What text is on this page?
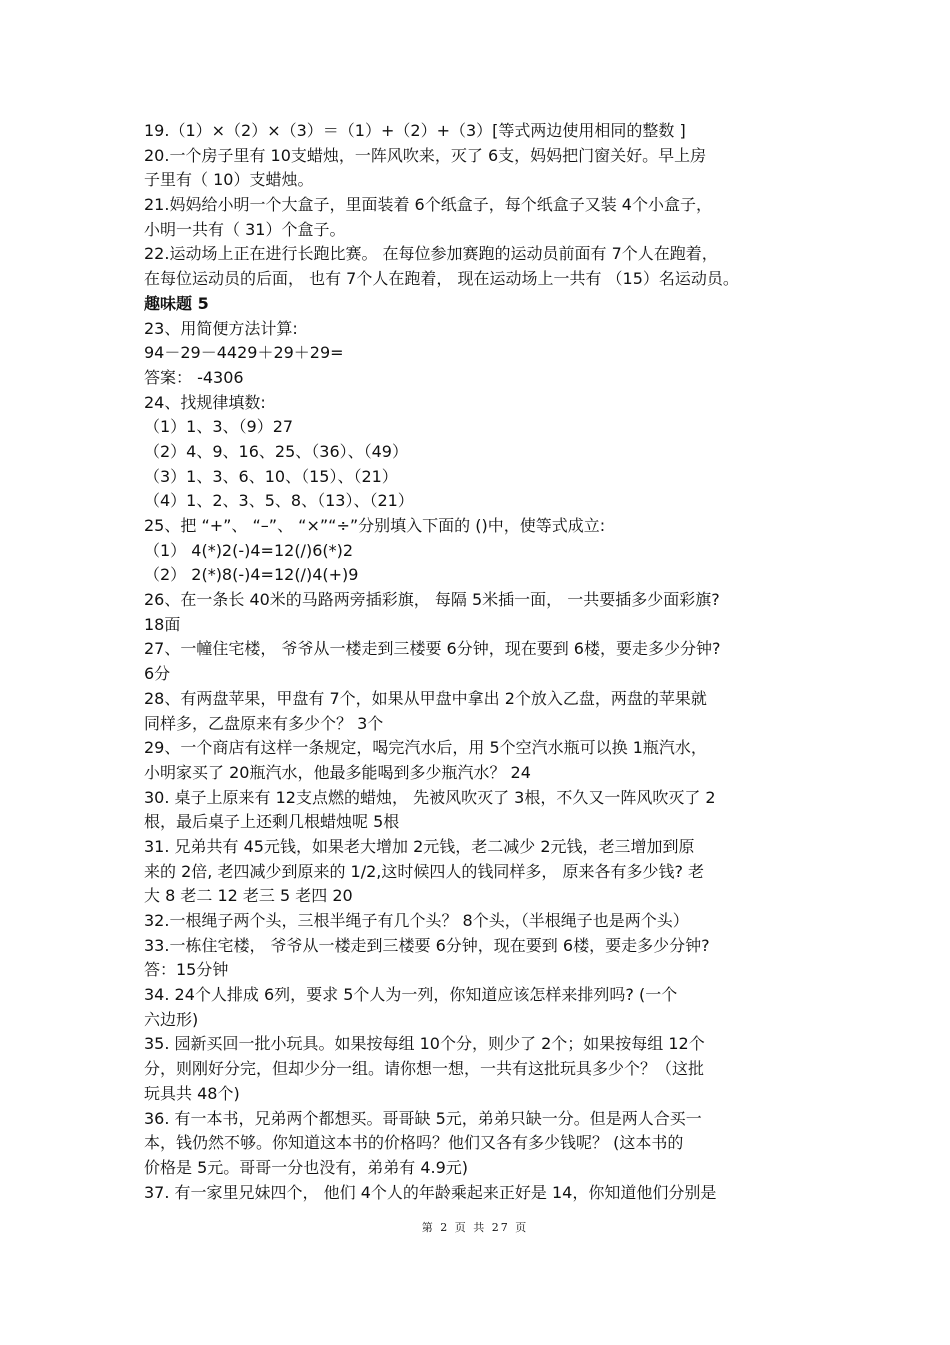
19.（1）×（2）×（3）＝（1）+（2）+（3）[等式两边使用相同的整数 ]
20.一个房子里有 10支蜡烛，一阵风吹来，灭了 6支，妈妈把门窗关好。早上房
子里有（ 10）支蜡烛。
21.妈妈给小明一个大盒子，里面装着 6个纸盒子，每个纸盒子又装 4个小盒子，
小明一共有（ 31）个盒子。
22.运动场上正在进行长跑比赛。 在每位参加赛跑的运动员前面有 7个人在跑着，
在每位运动员的后面， 也有 7个人在跑着， 现在运动场上一共有 （15）名运动员。
趣味题 5
23、用简便方法计算:
94－29－4429＋29＋29=
答案： -4306
24、找规律填数:
（1）1、3、（9）27
（2）4、9、16、25、（36）、（49）
（3）1、3、6、10、（15）、（21）
（4）1、2、3、5、8、（13）、（21）
25、把 “+”、 “–”、 “×”“÷”分别填入下面的 ()中，使等式成立:
（1） 4(*)2(-)4=12(/)6(*)2
（2） 2(*)8(-)4=12(/)4(+)9
26、在一条长 40米的马路两旁插彩旗， 每隔 5米插一面， 一共要插多少面彩旗?
18面
27、一幢住宅楼， 爷爷从一楼走到三楼要 6分钟，现在要到 6楼，要走多少分钟?
6分
28、有两盘苹果，甲盘有 7个，如果从甲盘中拿出 2个放入乙盘，两盘的苹果就
同样多，乙盘原来有多少个？ 3个
29、一个商店有这样一条规定，喝完汽水后，用 5个空汽水瓶可以换 1瓶汽水，
小明家买了 20瓶汽水，他最多能喝到多少瓶汽水？ 24
30. 桌子上原来有 12支点燃的蜡烛， 先被风吹灭了 3根，不久又一阵风吹灭了 2
根，最后桌子上还剩几根蜡烛呢 5根
31. 兄弟共有 45元钱，如果老大增加 2元钱，老二减少 2元钱，老三增加到原
来的 2倍, 老四减少到原来的 1/2,这时候四人的钱同样多， 原来各有多少钱? 老
大 8 老二 12 老三 5 老四 20
32.一根绳子两个头，三根半绳子有几个头？ 8个头，（半根绳子也是两个头）
33.一栋住宅楼， 爷爷从一楼走到三楼要 6分钟，现在要到 6楼，要走多少分钟?
答：15分钟
34. 24个人排成 6列，要求 5个人为一列，你知道应该怎样来排列吗? (一个
六边形)
35. 园新买回一批小玩具。如果按每组 10个分，则少了 2个；如果按每组 12个
分，则刚好分完，但却少分一组。请你想一想，一共有这批玩具多少个？（这批
玩具共 48个)
36. 有一本书，兄弟两个都想买。哥哥缺 5元，弟弟只缺一分。但是两人合买一
本，钱仍然不够。你知道这本书的价格吗？他们又各有多少钱呢？ (这本书的
价格是 5元。哥哥一分也没有，弟弟有 4.9元)
37. 有一家里兄妹四个， 他们 4个人的年龄乘起来正好是 14，你知道他们分别是
第 2 页 共 27 页
